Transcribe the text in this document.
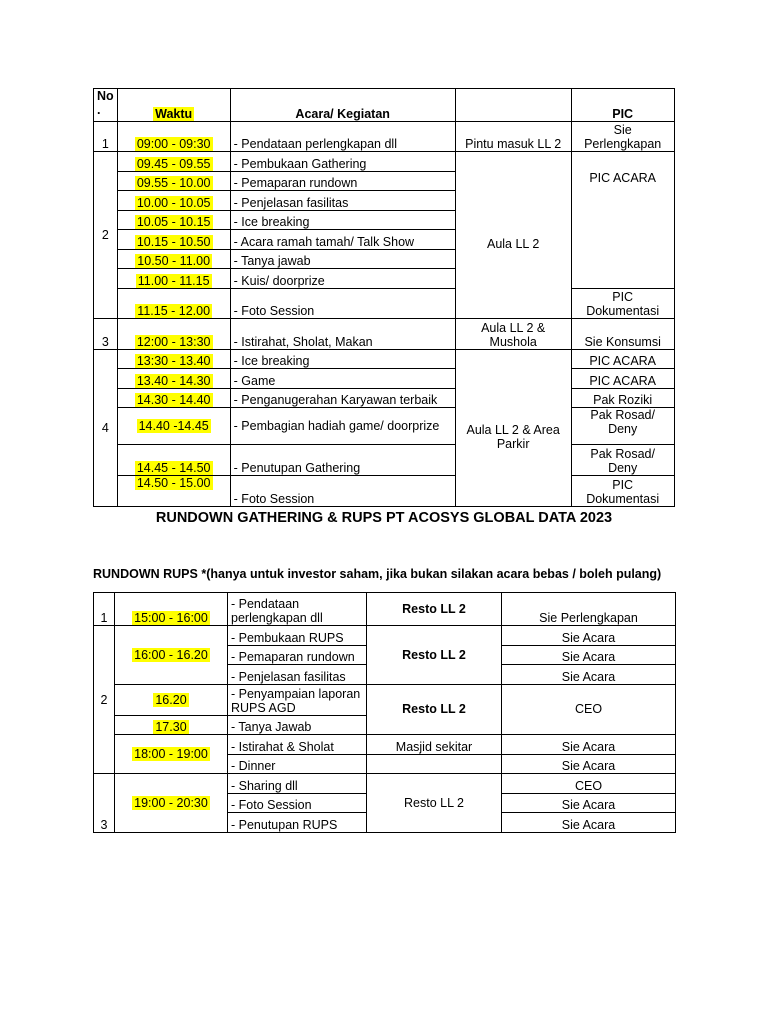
No
.	Waktu	Acara/ Kegiatan		PIC
1	09:00 - 09:30	- Pendataan perlengkapan dll	Pintu masuk LL 2	Sie
Perlengkapan
2	09.45 - 09.55	- Pembukaan Gathering		
	09.55 - 10.00	- Pemaparan rundown	Aula LL 2	PIC ACARA
	10.00 - 10.05	- Penjelasan fasilitas		
	10.05 - 10.15	- Ice breaking		
	10.15 - 10.50	- Acara ramah tamah/ Talk Show		
	10.50 - 11.00	- Tanya jawab		
	11.00 - 11.15	- Kuis/ doorprize		
	11.15 - 12.00	- Foto Session		PIC
Dokumentasi
3	12:00 - 13:30	- Istirahat, Sholat, Makan	Aula LL 2 &
Mushola	Sie Konsumsi
4	13:30 - 13.40	- Ice breaking		PIC ACARA
	13.40 - 14.30	- Game	Aula LL 2 & Area
Parkir	PIC ACARA
	14.30 - 14.40	- Penganugerahan Karyawan terbaik		Pak Roziki
	14.40 -14.45	- Pembagian hadiah game/ doorprize		Pak Rosad/
Deny
	14.45 - 14.50	- Penutupan Gathering		Pak Rosad/
Deny
	14.50 - 15.00	- Foto Session		PIC
Dokumentasi
RUNDOWN GATHERING & RUPS PT ACOSYS GLOBAL DATA 2023
RUNDOWN RUPS *(hanya untuk investor saham, jika bukan silakan acara bebas / boleh pulang)
1	15:00 - 16:00	- Pendataan
perlengkapan dll	Resto LL 2	Sie Perlengkapan
2	16:00 - 16.20	- Pembukaan RUPS	Resto LL 2	Sie Acara
		- Pemaparan rundown		Sie Acara
		- Penjelasan fasilitas		Sie Acara
	16.20	- Penyampaian laporan
RUPS AGD	Resto LL 2	CEO
	17.30	- Tanya Jawab		
	18:00 - 19:00	- Istirahat & Sholat	Masjid sekitar	Sie Acara
		- Dinner		Sie Acara
3	19:00 - 20:30	- Sharing dll	Resto LL 2	CEO
		- Foto Session		Sie Acara
		- Penutupan RUPS		Sie Acara
